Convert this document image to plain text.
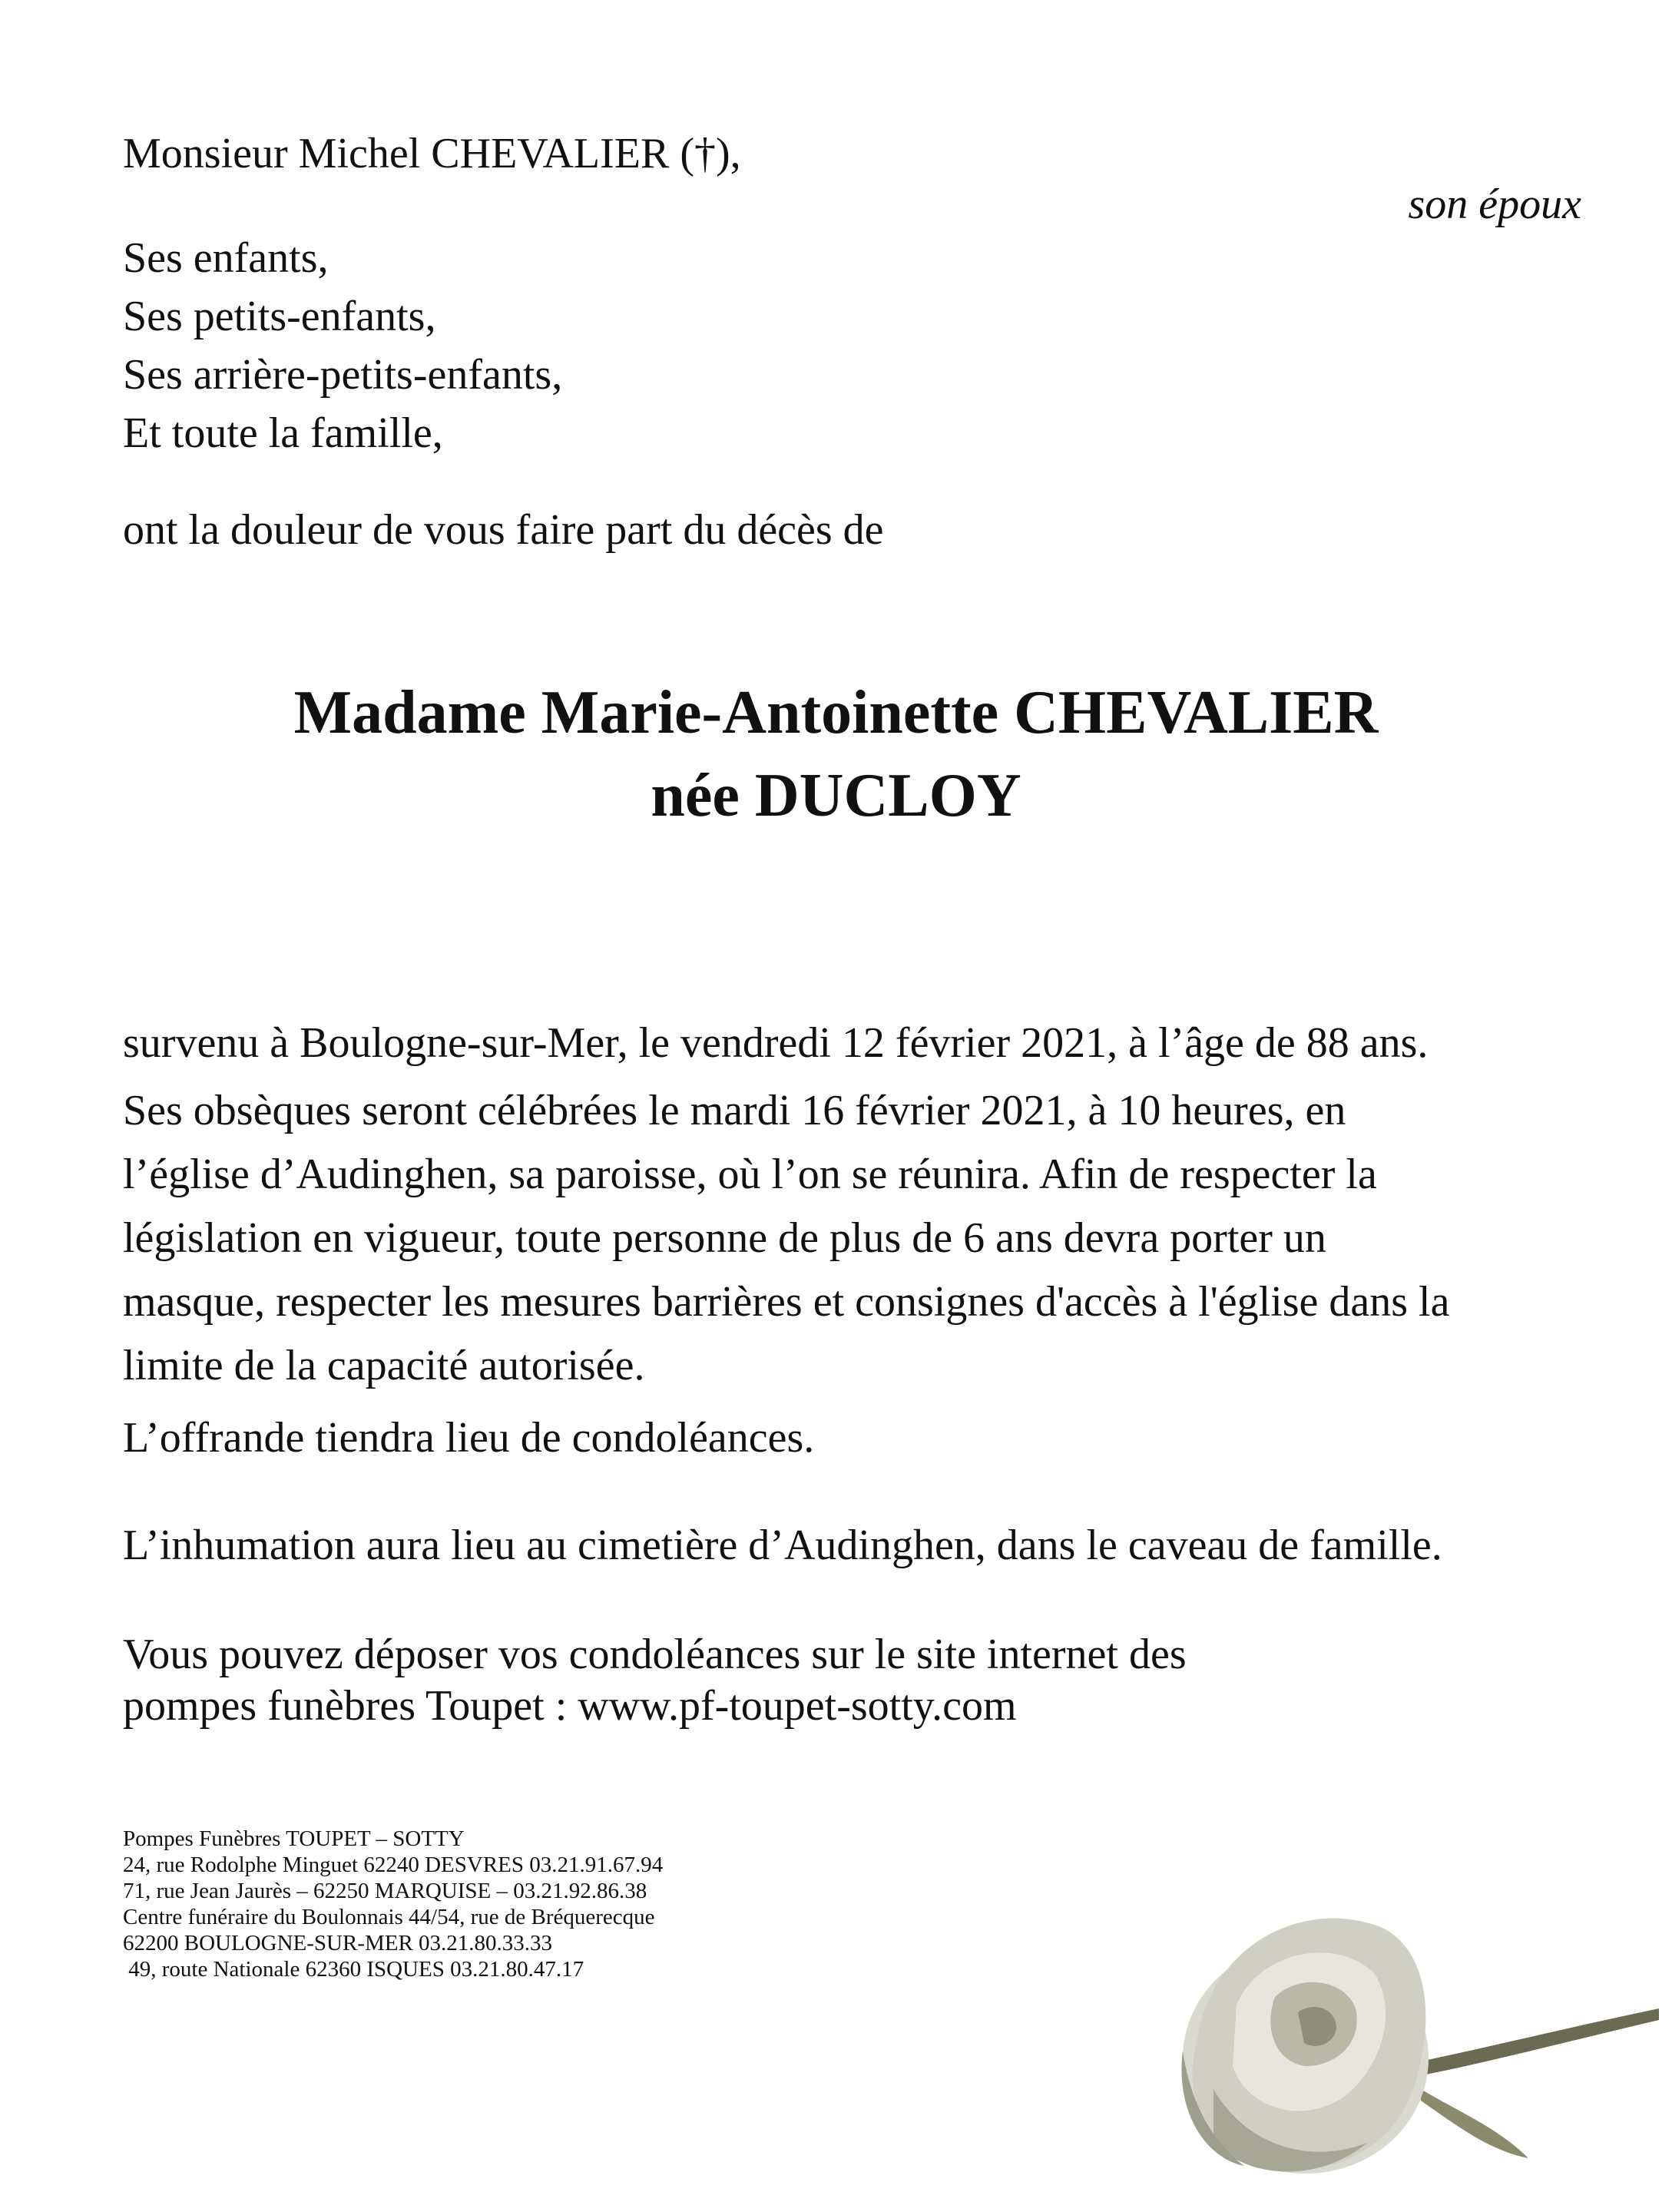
Monsieur Michel CHEVALIER (†),
son époux
Ses enfants,
Ses petits-enfants,
Ses arrière-petits-enfants,
Et toute la famille,
ont la douleur de vous faire part du décès de
Madame Marie-Antoinette CHEVALIER
née DUCLOY
survenu à Boulogne-sur-Mer, le vendredi 12 février 2021, à l’âge de 88 ans.
Ses obsèques seront célébrées le mardi 16 février 2021, à 10 heures, en
l’église d’Audinghen, sa paroisse, où l’on se réunira. Afin de respecter la
législation en vigueur, toute personne de plus de 6 ans devra porter un
masque, respecter les mesures barrières et consignes d'accès à l'église dans la
limite de la capacité autorisée.
L’offrande tiendra lieu de condoléances.
L’inhumation aura lieu au cimetière d’Audinghen, dans le caveau de famille.
Vous pouvez déposer vos condoléances sur le site internet des
pompes funèbres Toupet : www.pf-toupet-sotty.com
Pompes Funèbres TOUPET – SOTTY
24, rue Rodolphe Minguet 62240 DESVRES 03.21.91.67.94
71, rue Jean Jaurès – 62250 MARQUISE – 03.21.92.86.38
Centre funéraire du Boulonnais 44/54, rue de Bréquerecque
62200 BOULOGNE-SUR-MER 03.21.80.33.33
49, route Nationale 62360 ISQUES 03.21.80.47.17
